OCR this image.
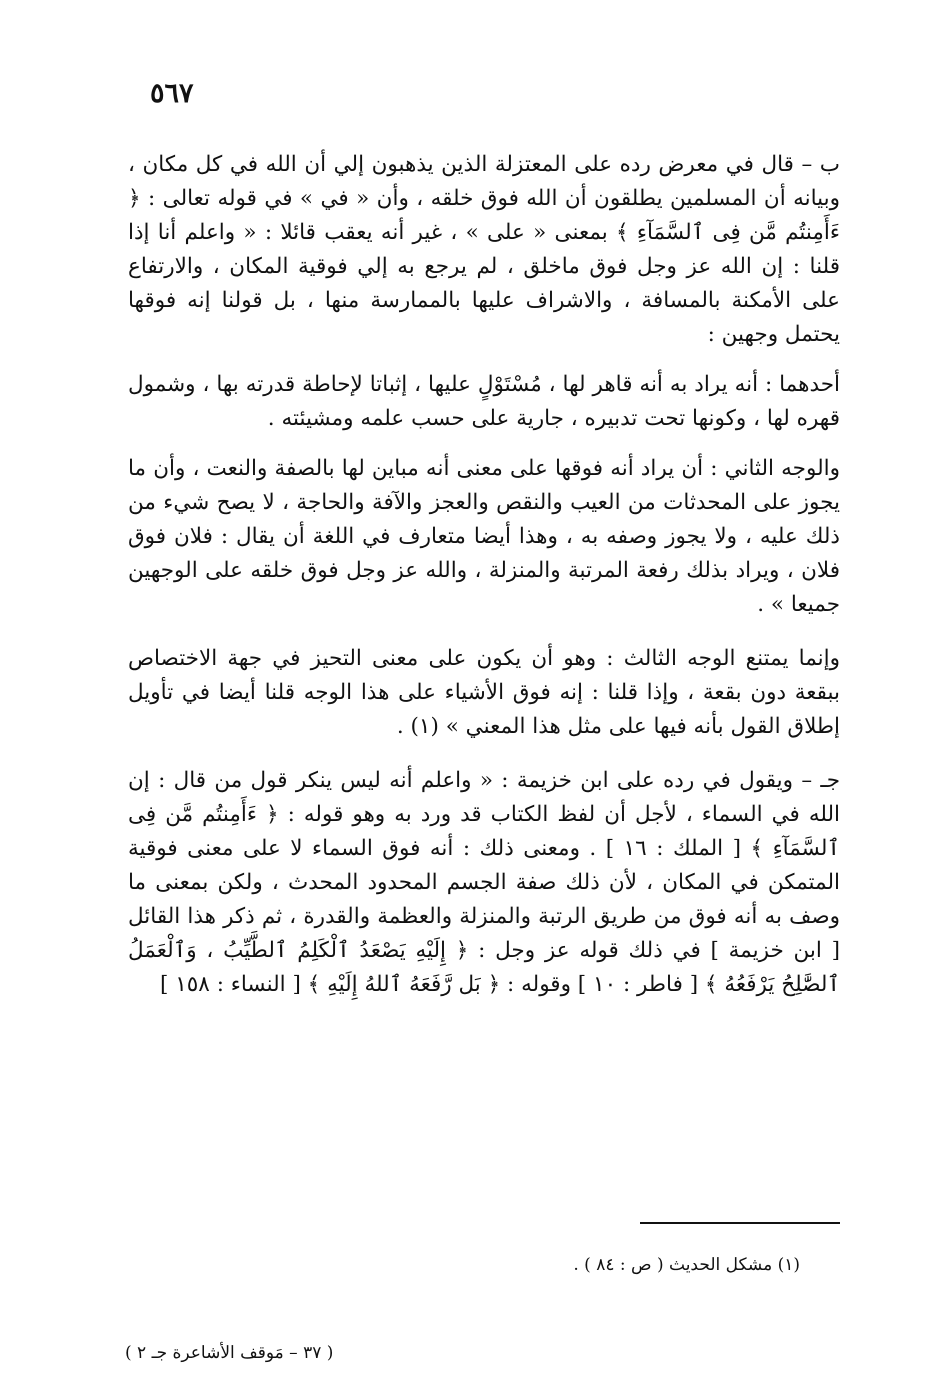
٥٦٧

ب – قال في معرض رده على المعتزلة الذين يذهبون إلي أن الله في كل مكان ، وبيانه أن المسلمين يطلقون أن الله فوق خلقه ، وأن « في » في قوله تعالى : ﴿ ءَأَمِنتُم مَّن فِى ٱلسَّمَآءِ ﴾ بمعنى « على » ، غير أنه يعقب قائلا : « واعلم أنا إذا قلنا : إن الله عز وجل فوق ماخلق ، لم يرجع به إلي فوقية المكان ، والارتفاع على الأمكنة بالمسافة ، والاشراف عليها بالممارسة منها ، بل قولنا إنه فوقها يحتمل وجهين :

أحدهما : أنه يراد به أنه قاهر لها ، مُسْتَوْلٍ عليها ، إثباتا لإحاطة قدرته بها ، وشمول قهره لها ، وكونها تحت تدبيره ، جارية على حسب علمه ومشيئته .

والوجه الثاني : أن يراد أنه فوقها على معنى أنه مباين لها بالصفة والنعت ، وأن ما يجوز على المحدثات من العيب والنقص والعجز والآفة والحاجة ، لا يصح شيء من ذلك عليه ، ولا يجوز وصفه به ، وهذا أيضا متعارف في اللغة أن يقال : فلان فوق فلان ، ويراد بذلك رفعة المرتبة والمنزلة ، والله عز وجل فوق خلقه على الوجهين جميعا » .

وإنما يمتنع الوجه الثالث : وهو أن يكون على معنى التحيز في جهة الاختصاص ببقعة دون بقعة ، وإذا قلنا : إنه فوق الأشياء على هذا الوجه قلنا أيضا في تأويل إطلاق القول بأنه فيها على مثل هذا المعني » (١) .

جـ – ويقول في رده على ابن خزيمة : « واعلم أنه ليس ينكر قول من قال : إن الله في السماء ، لأجل أن لفظ الكتاب قد ورد به وهو قوله : ﴿ ءَأَمِنتُم مَّن فِى ٱلسَّمَآءِ ﴾ [ الملك : ١٦ ] . ومعنى ذلك : أنه فوق السماء لا على معنى فوقية المتمكن في المكان ، لأن ذلك صفة الجسم المحدود المحدث ، ولكن بمعنى ما وصف به أنه فوق من طريق الرتبة والمنزلة والعظمة والقدرة ، ثم ذكر هذا القائل [ ابن خزيمة ] في ذلك قوله عز وجل : ﴿ إِلَيْهِ يَصْعَدُ ٱلْكَلِمُ ٱلطَّيِّبُ ، وَٱلْعَمَلُ ٱلصَّٰلِحُ يَرْفَعُهُ ﴾ [ فاطر : ١٠ ] وقوله : ﴿ بَل رَّفَعَهُ ٱللهُ إِلَيْهِ ﴾ [ النساء : ١٥٨ ]

(١) مشكل الحديث ( ص : ٨٤ ) .
( ٣٧ – مَوقف الأشاعرة جـ ٢ )
